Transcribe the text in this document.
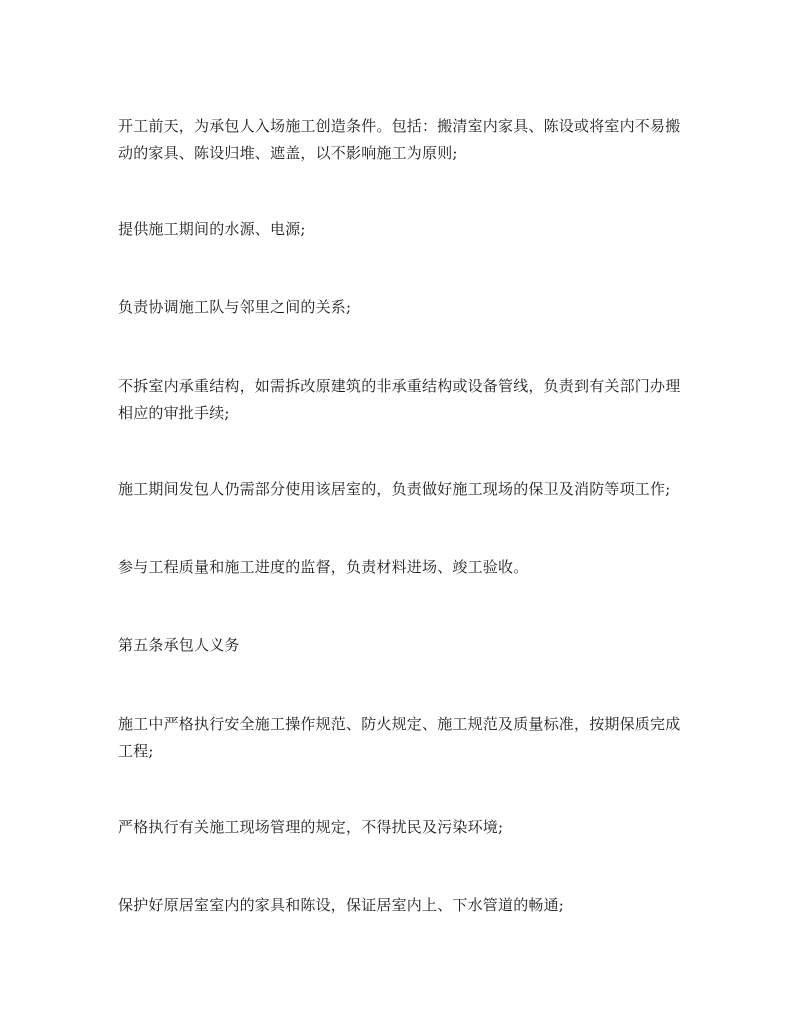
开工前天，为承包人入场施工创造条件。包括：搬清室内家具、陈设或将室内不易搬动的家具、陈设归堆、遮盖，以不影响施工为原则;

提供施工期间的水源、电源;

负责协调施工队与邻里之间的关系;

不拆室内承重结构，如需拆改原建筑的非承重结构或设备管线，负责到有关部门办理相应的审批手续;

施工期间发包人仍需部分使用该居室的，负责做好施工现场的保卫及消防等项工作;

参与工程质量和施工进度的监督，负责材料进场、竣工验收。

第五条承包人义务

施工中严格执行安全施工操作规范、防火规定、施工规范及质量标准，按期保质完成工程;

严格执行有关施工现场管理的规定，不得扰民及污染环境;

保护好原居室室内的家具和陈设，保证居室内上、下水管道的畅通;
